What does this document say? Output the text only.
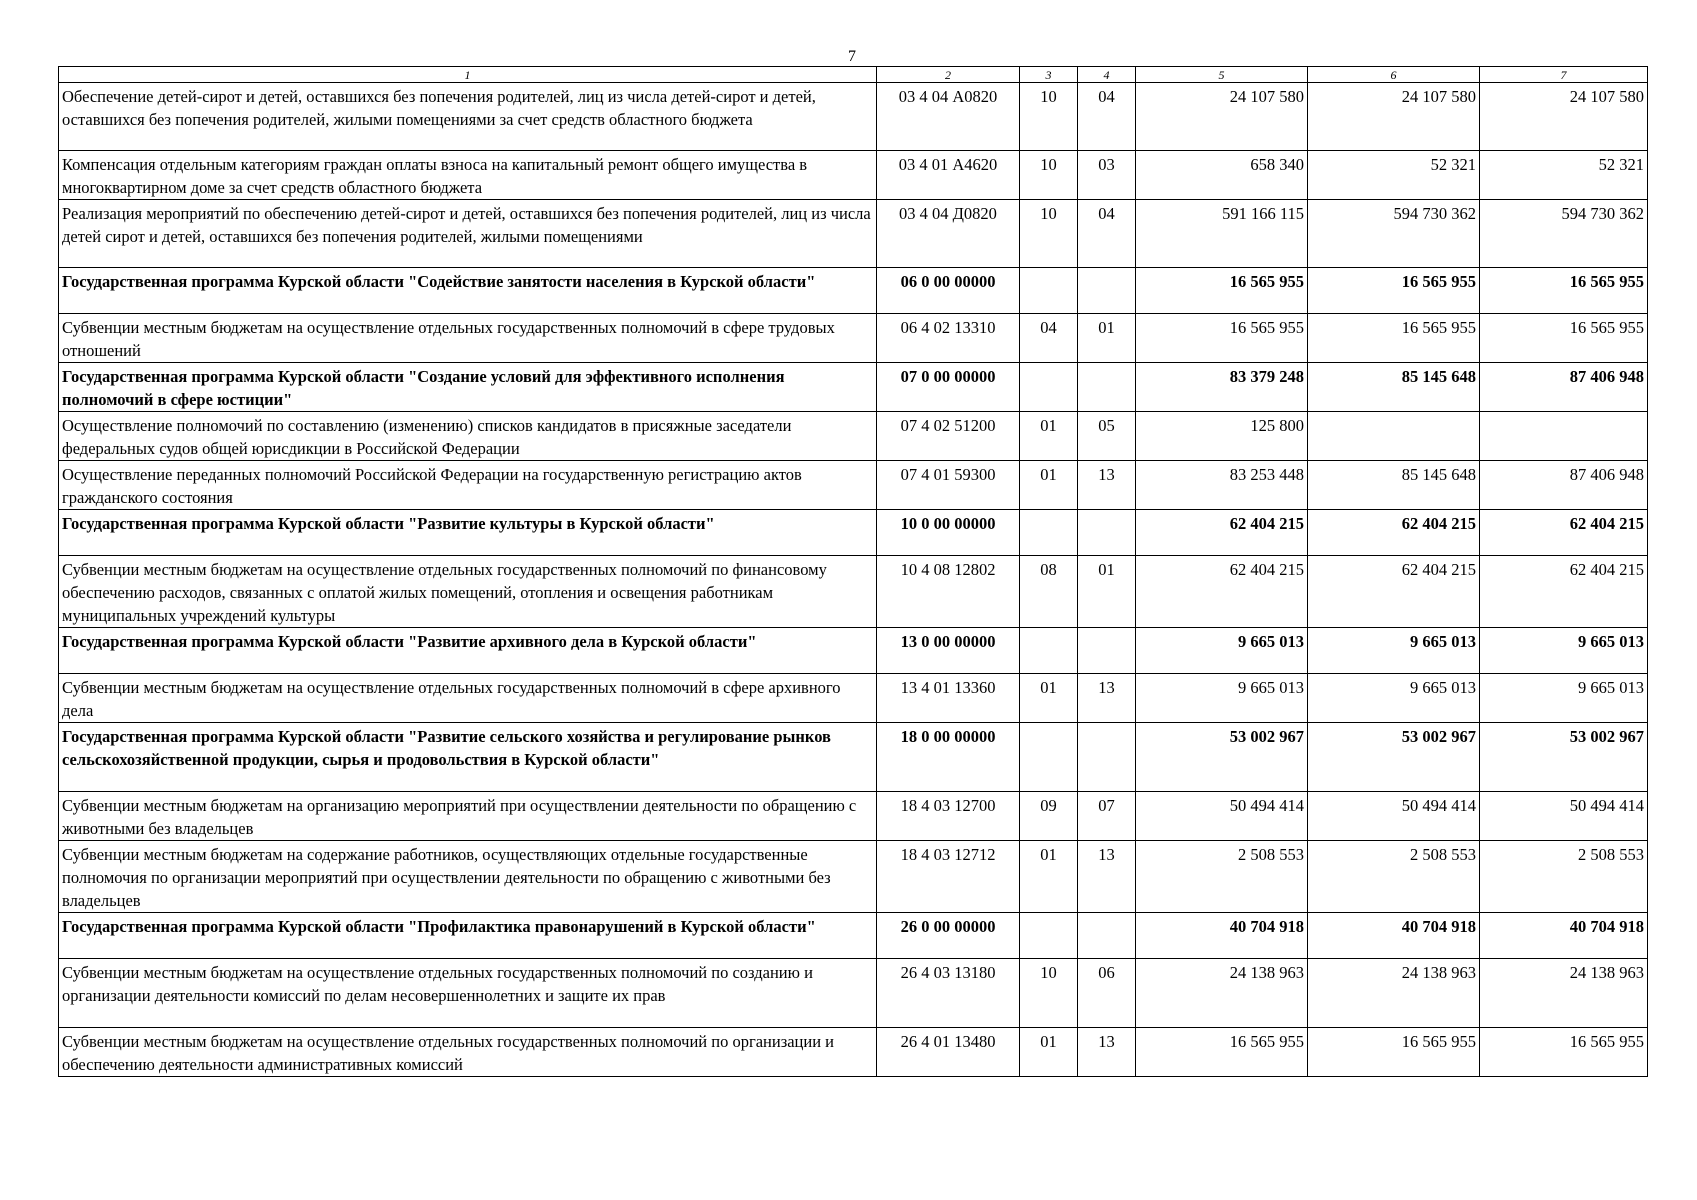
7
1	2	3	4	5	6	7
Обеспечение детей-сирот и детей, оставшихся без попечения родителей, лиц из числа детей-сирот и детей, оставшихся без попечения родителей, жилыми помещениями за счет средств областного бюджета	03 4 04 А0820	10	04	24 107 580	24 107 580	24 107 580
Компенсация отдельным категориям граждан оплаты взноса на капитальный ремонт общего имущества в многоквартирном доме за счет средств областного бюджета	03 4 01 А4620	10	03	658 340	52 321	52 321
Реализация мероприятий по обеспечению детей-сирот и детей, оставшихся без попечения родителей, лиц из числа детей сирот и детей, оставшихся без попечения родителей, жилыми помещениями	03 4 04 Д0820	10	04	591 166 115	594 730 362	594 730 362
Государственная программа Курской области "Содействие занятости населения в Курской области"	06 0 00 00000			16 565 955	16 565 955	16 565 955
Субвенции местным бюджетам на осуществление отдельных государственных полномочий в сфере трудовых отношений	06 4 02 13310	04	01	16 565 955	16 565 955	16 565 955
Государственная программа Курской области "Создание условий для эффективного исполнения полномочий в сфере юстиции"	07 0 00 00000			83 379 248	85 145 648	87 406 948
Осуществление полномочий по составлению (изменению) списков кандидатов в присяжные заседатели федеральных судов общей юрисдикции в Российской Федерации	07 4 02 51200	01	05	125 800		
Осуществление переданных полномочий Российской Федерации на государственную регистрацию актов гражданского состояния	07 4 01 59300	01	13	83 253 448	85 145 648	87 406 948
Государственная программа Курской области "Развитие культуры в Курской области"	10 0 00 00000			62 404 215	62 404 215	62 404 215
Субвенции местным бюджетам на осуществление отдельных государственных полномочий по финансовому обеспечению расходов, связанных с оплатой жилых помещений, отопления и освещения работникам муниципальных учреждений культуры	10 4 08 12802	08	01	62 404 215	62 404 215	62 404 215
Государственная программа Курской области "Развитие архивного дела в Курской области"	13 0 00 00000			9 665 013	9 665 013	9 665 013
Субвенции местным бюджетам на осуществление отдельных государственных полномочий в сфере архивного дела	13 4 01 13360	01	13	9 665 013	9 665 013	9 665 013
Государственная программа Курской области "Развитие сельского хозяйства и регулирование рынков сельскохозяйственной продукции, сырья и продовольствия в Курской области"	18 0 00 00000			53 002 967	53 002 967	53 002 967
Субвенции местным бюджетам на организацию мероприятий при осуществлении деятельности по обращению с животными без владельцев	18 4 03 12700	09	07	50 494 414	50 494 414	50 494 414
Субвенции местным бюджетам на содержание работников, осуществляющих отдельные государственные полномочия по организации мероприятий при осуществлении деятельности по обращению с животными без владельцев	18 4 03 12712	01	13	2 508 553	2 508 553	2 508 553
Государственная программа Курской области "Профилактика правонарушений в Курской области"	26 0 00 00000			40 704 918	40 704 918	40 704 918
Субвенции местным бюджетам на осуществление отдельных государственных полномочий по созданию и организации деятельности комиссий по делам несовершеннолетних и защите их прав	26 4 03 13180	10	06	24 138 963	24 138 963	24 138 963
Субвенции местным бюджетам на осуществление отдельных государственных полномочий по организации и обеспечению деятельности административных комиссий	26 4 01 13480	01	13	16 565 955	16 565 955	16 565 955
